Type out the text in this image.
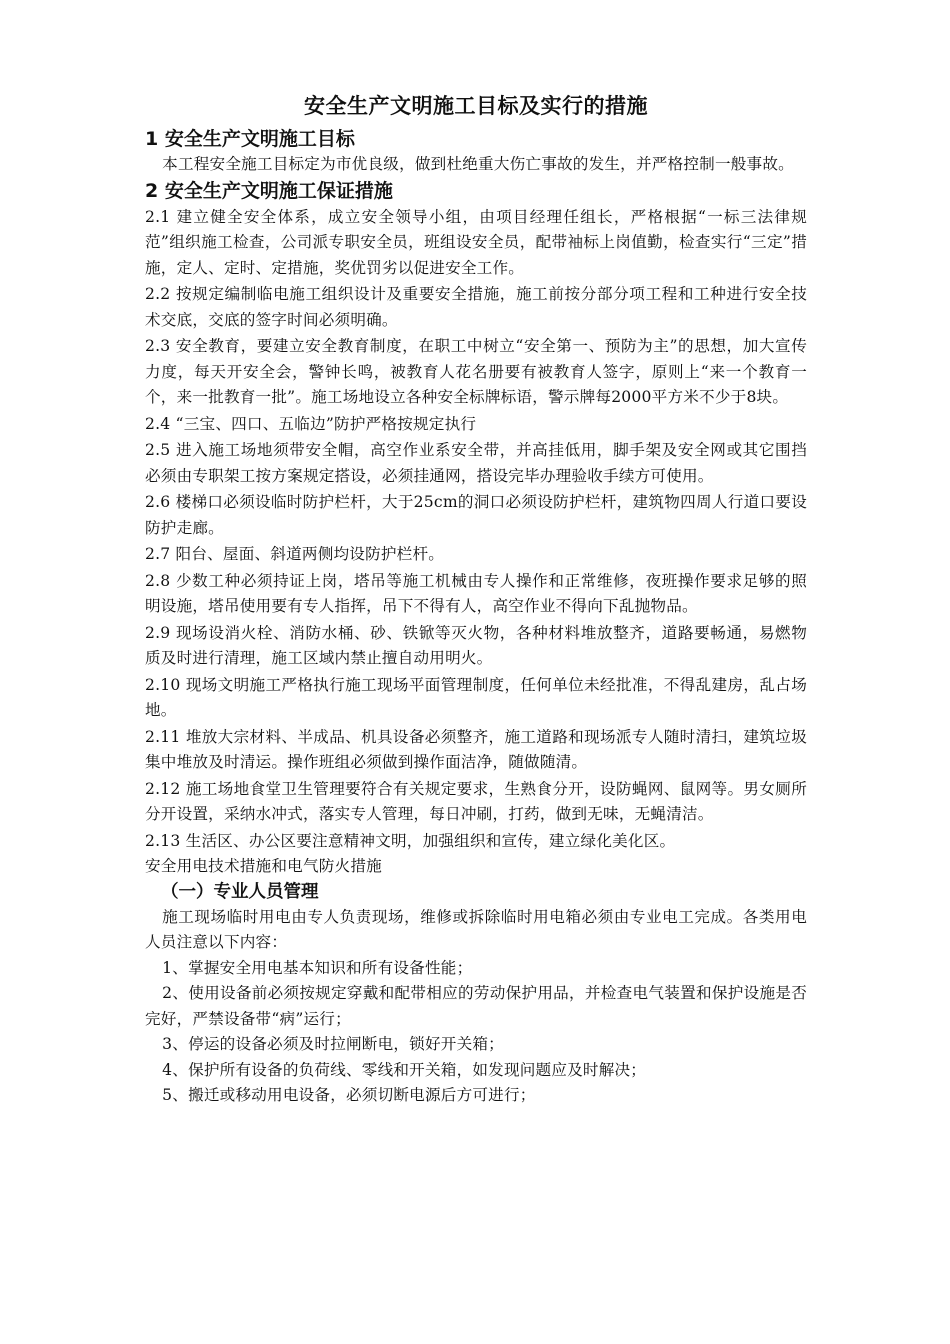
安全生产文明施工目标及实行的措施
1 安全生产文明施工目标

本工程安全施工目标定为市优良级，做到杜绝重大伤亡事故的发生，并严格控制一般事故。

2 安全生产文明施工保证措施

2.1 建立健全安全体系，成立安全领导小组，由项目经理任组长，严格根据“一标三法律规范”组织施工检查，公司派专职安全员，班组设安全员，配带袖标上岗值勤，检查实行“三定”措施，定人、定时、定措施，奖优罚劣以促进安全工作。

2.2 按规定编制临电施工组织设计及重要安全措施，施工前按分部分项工程和工种进行安全技术交底，交底的签字时间必须明确。

2.3 安全教育，要建立安全教育制度，在职工中树立“安全第一、预防为主”的思想，加大宣传力度，每天开安全会，警钟长鸣，被教育人花名册要有被教育人签字，原则上“来一个教育一个，来一批教育一批”。施工场地设立各种安全标牌标语，警示牌每2000平方米不少于8块。

2.4 “三宝、四口、五临边”防护严格按规定执行

2.5 进入施工场地须带安全帽，高空作业系安全带，并高挂低用，脚手架及安全网或其它围挡必须由专职架工按方案规定搭设，必须挂通网，搭设完毕办理验收手续方可使用。

2.6 楼梯口必须设临时防护栏杆，大于25cm的洞口必须设防护栏杆，建筑物四周人行道口要设防护走廊。

2.7 阳台、屋面、斜道两侧均设防护栏杆。

2.8 少数工种必须持证上岗，塔吊等施工机械由专人操作和正常维修，夜班操作要求足够的照明设施，塔吊使用要有专人指挥，吊下不得有人，高空作业不得向下乱抛物品。

2.9 现场设消火栓、消防水桶、砂、铁锨等灭火物，各种材料堆放整齐，道路要畅通，易燃物质及时进行清理，施工区域内禁止擅自动用明火。

2.10 现场文明施工严格执行施工现场平面管理制度，任何单位未经批准，不得乱建房，乱占场地。

2.11 堆放大宗材料、半成品、机具设备必须整齐，施工道路和现场派专人随时清扫，建筑垃圾集中堆放及时清运。操作班组必须做到操作面洁净，随做随清。

2.12 施工场地食堂卫生管理要符合有关规定要求，生熟食分开，设防蝇网、鼠网等。男女厕所分开设置，采纳水冲式，落实专人管理，每日冲刷，打药，做到无味，无蝇清洁。

2.13 生活区、办公区要注意精神文明，加强组织和宣传，建立绿化美化区。

安全用电技术措施和电气防火措施

（一）专业人员管理

施工现场临时用电由专人负责现场，维修或拆除临时用电箱必须由专业电工完成。各类用电人员注意以下内容：

1、掌握安全用电基本知识和所有设备性能；

2、使用设备前必须按规定穿戴和配带相应的劳动保护用品，并检查电气装置和保护设施是否完好，严禁设备带“病”运行；

3、停运的设备必须及时拉闸断电，锁好开关箱；

4、保护所有设备的负荷线、零线和开关箱，如发现问题应及时解决；

5、搬迁或移动用电设备，必须切断电源后方可进行；
